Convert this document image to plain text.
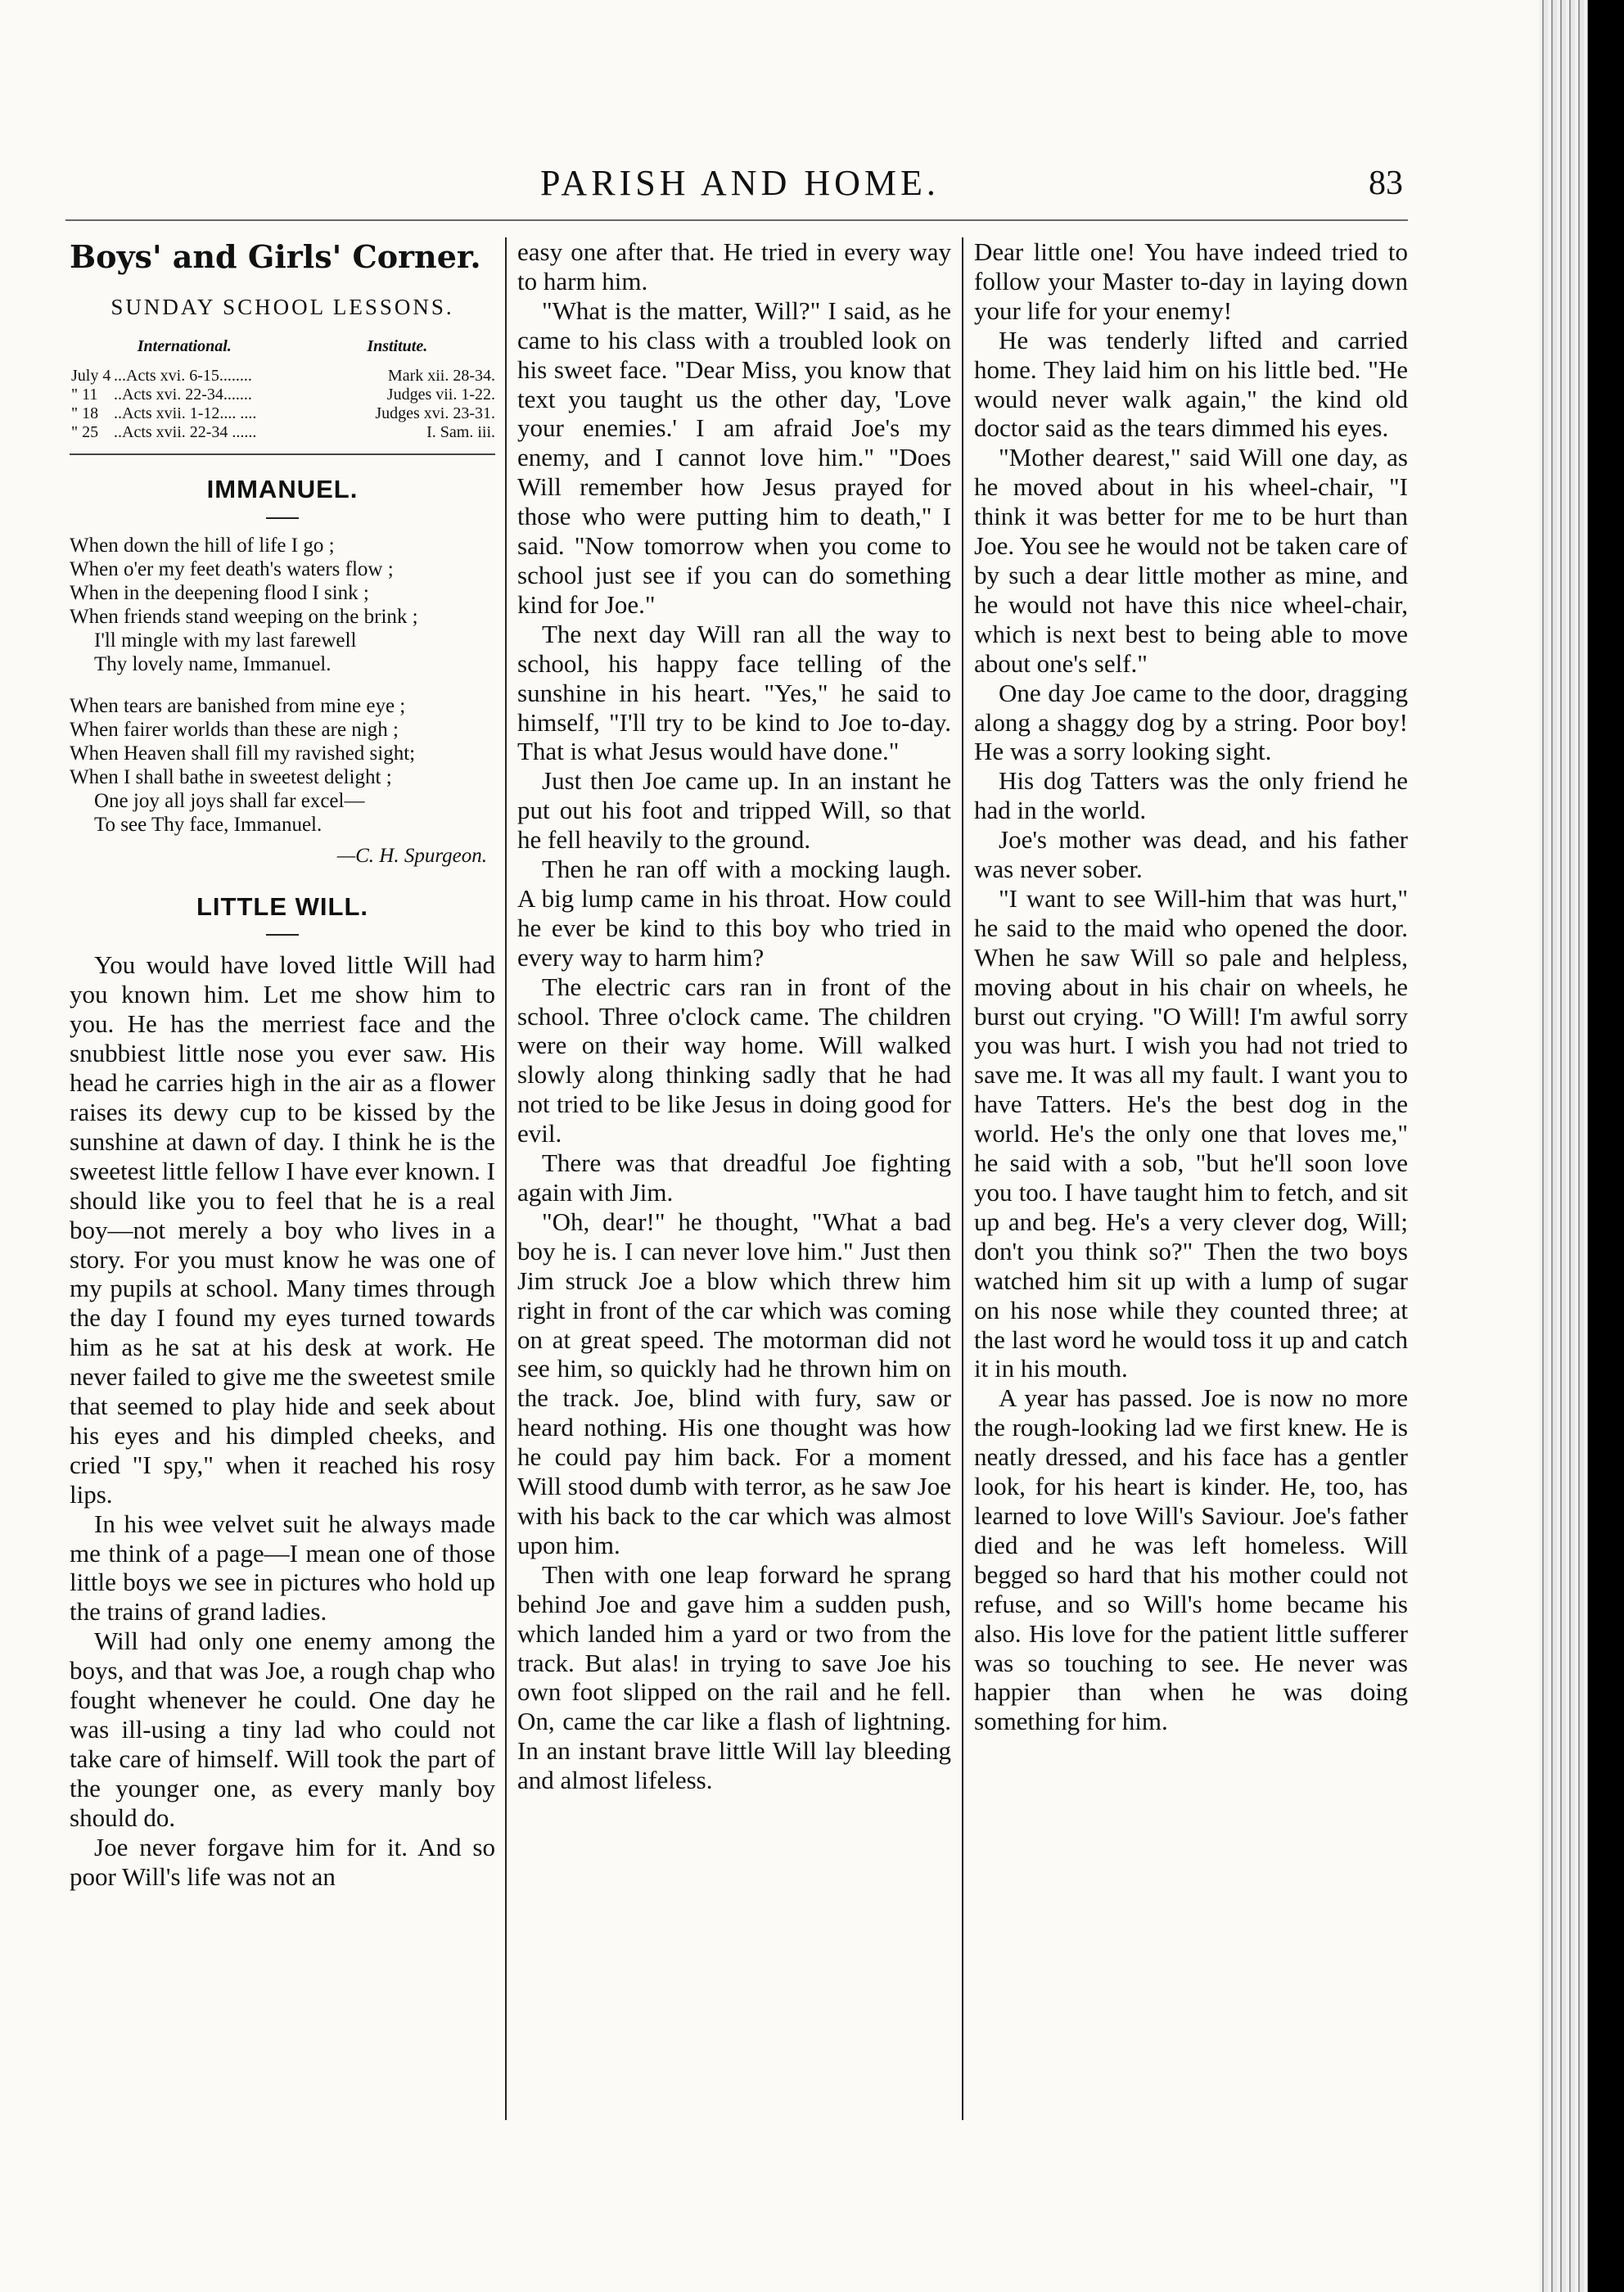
PARISH AND HOME.	83
Boys' and Girls' Corner.
SUNDAY SCHOOL LESSONS.
International.	Institute.
July 4 ...Acts xvi. 6-15........	Mark xii. 28-34.
" 11 ..Acts xvi. 22-34.......	Judges vii. 1-22.
" 18 ..Acts xvii. 1-12.... ....	Judges xvi. 23-31.
" 25 ..Acts xvii. 22-34 ......	I. Sam. iii.
IMMANUEL.
When down the hill of life I go ;
When o'er my feet death's waters flow ;
When in the deepening flood I sink ;
When friends stand weeping on the brink ;
I'll mingle with my last farewell
Thy lovely name, Immanuel.
When tears are banished from mine eye ;
When fairer worlds than these are nigh ;
When Heaven shall fill my ravished sight;
When I shall bathe in sweetest delight ;
One joy all joys shall far excel—
To see Thy face, Immanuel.
—C. H. Spurgeon.
LITTLE WILL.

You would have loved little Will had you known him. Let me show him to you. He has the merriest face and the snubbiest little nose you ever saw. His head he carries high in the air as a flower raises its dewy cup to be kissed by the sunshine at dawn of day. I think he is the sweetest little fellow I have ever known. I should like you to feel that he is a real boy—not merely a boy who lives in a story. For you must know he was one of my pupils at school. Many times through the day I found my eyes turned towards him as he sat at his desk at work. He never failed to give me the sweetest smile that seemed to play hide and seek about his eyes and his dimpled cheeks, and cried "I spy," when it reached his rosy lips.

In his wee velvet suit he always made me think of a page—I mean one of those little boys we see in pictures who hold up the trains of grand ladies.

Will had only one enemy among the boys, and that was Joe, a rough chap who fought whenever he could. One day he was ill-using a tiny lad who could not take care of himself. Will took the part of the younger one, as every manly boy should do.

Joe never forgave him for it. And so poor Will's life was not an

easy one after that. He tried in every way to harm him.

"What is the matter, Will?" I said, as he came to his class with a troubled look on his sweet face. "Dear Miss, you know that text you taught us the other day, 'Love your enemies.' I am afraid Joe's my enemy, and I cannot love him." "Does Will remember how Jesus prayed for those who were putting him to death," I said. "Now tomorrow when you come to school just see if you can do something kind for Joe."

The next day Will ran all the way to school, his happy face telling of the sunshine in his heart. "Yes," he said to himself, "I'll try to be kind to Joe to-day. That is what Jesus would have done."

Just then Joe came up. In an instant he put out his foot and tripped Will, so that he fell heavily to the ground.

Then he ran off with a mocking laugh. A big lump came in his throat. How could he ever be kind to this boy who tried in every way to harm him?

The electric cars ran in front of the school. Three o'clock came. The children were on their way home. Will walked slowly along thinking sadly that he had not tried to be like Jesus in doing good for evil.

There was that dreadful Joe fighting again with Jim.

"Oh, dear!" he thought, "What a bad boy he is. I can never love him." Just then Jim struck Joe a blow which threw him right in front of the car which was coming on at great speed. The motorman did not see him, so quickly had he thrown him on the track. Joe, blind with fury, saw or heard nothing. His one thought was how he could pay him back. For a moment Will stood dumb with terror, as he saw Joe with his back to the car which was almost upon him.

Then with one leap forward he sprang behind Joe and gave him a sudden push, which landed him a yard or two from the track. But alas! in trying to save Joe his own foot slipped on the rail and he fell. On, came the car like a flash of lightning. In an instant brave little Will lay bleeding and almost lifeless.

Dear little one! You have indeed tried to follow your Master to-day in laying down your life for your enemy!

He was tenderly lifted and carried home. They laid him on his little bed. "He would never walk again," the kind old doctor said as the tears dimmed his eyes.

"Mother dearest," said Will one day, as he moved about in his wheel-chair, "I think it was better for me to be hurt than Joe. You see he would not be taken care of by such a dear little mother as mine, and he would not have this nice wheel-chair, which is next best to being able to move about one's self."

One day Joe came to the door, dragging along a shaggy dog by a string. Poor boy! He was a sorry looking sight.

His dog Tatters was the only friend he had in the world.

Joe's mother was dead, and his father was never sober.

"I want to see Will-him that was hurt," he said to the maid who opened the door. When he saw Will so pale and helpless, moving about in his chair on wheels, he burst out crying. "O Will! I'm awful sorry you was hurt. I wish you had not tried to save me. It was all my fault. I want you to have Tatters. He's the best dog in the world. He's the only one that loves me," he said with a sob, "but he'll soon love you too. I have taught him to fetch, and sit up and beg. He's a very clever dog, Will; don't you think so?" Then the two boys watched him sit up with a lump of sugar on his nose while they counted three; at the last word he would toss it up and catch it in his mouth.

A year has passed. Joe is now no more the rough-looking lad we first knew. He is neatly dressed, and his face has a gentler look, for his heart is kinder. He, too, has learned to love Will's Saviour. Joe's father died and he was left homeless. Will begged so hard that his mother could not refuse, and so Will's home became his also. His love for the patient little sufferer was so touching to see. He never was happier than when he was doing something for him.
